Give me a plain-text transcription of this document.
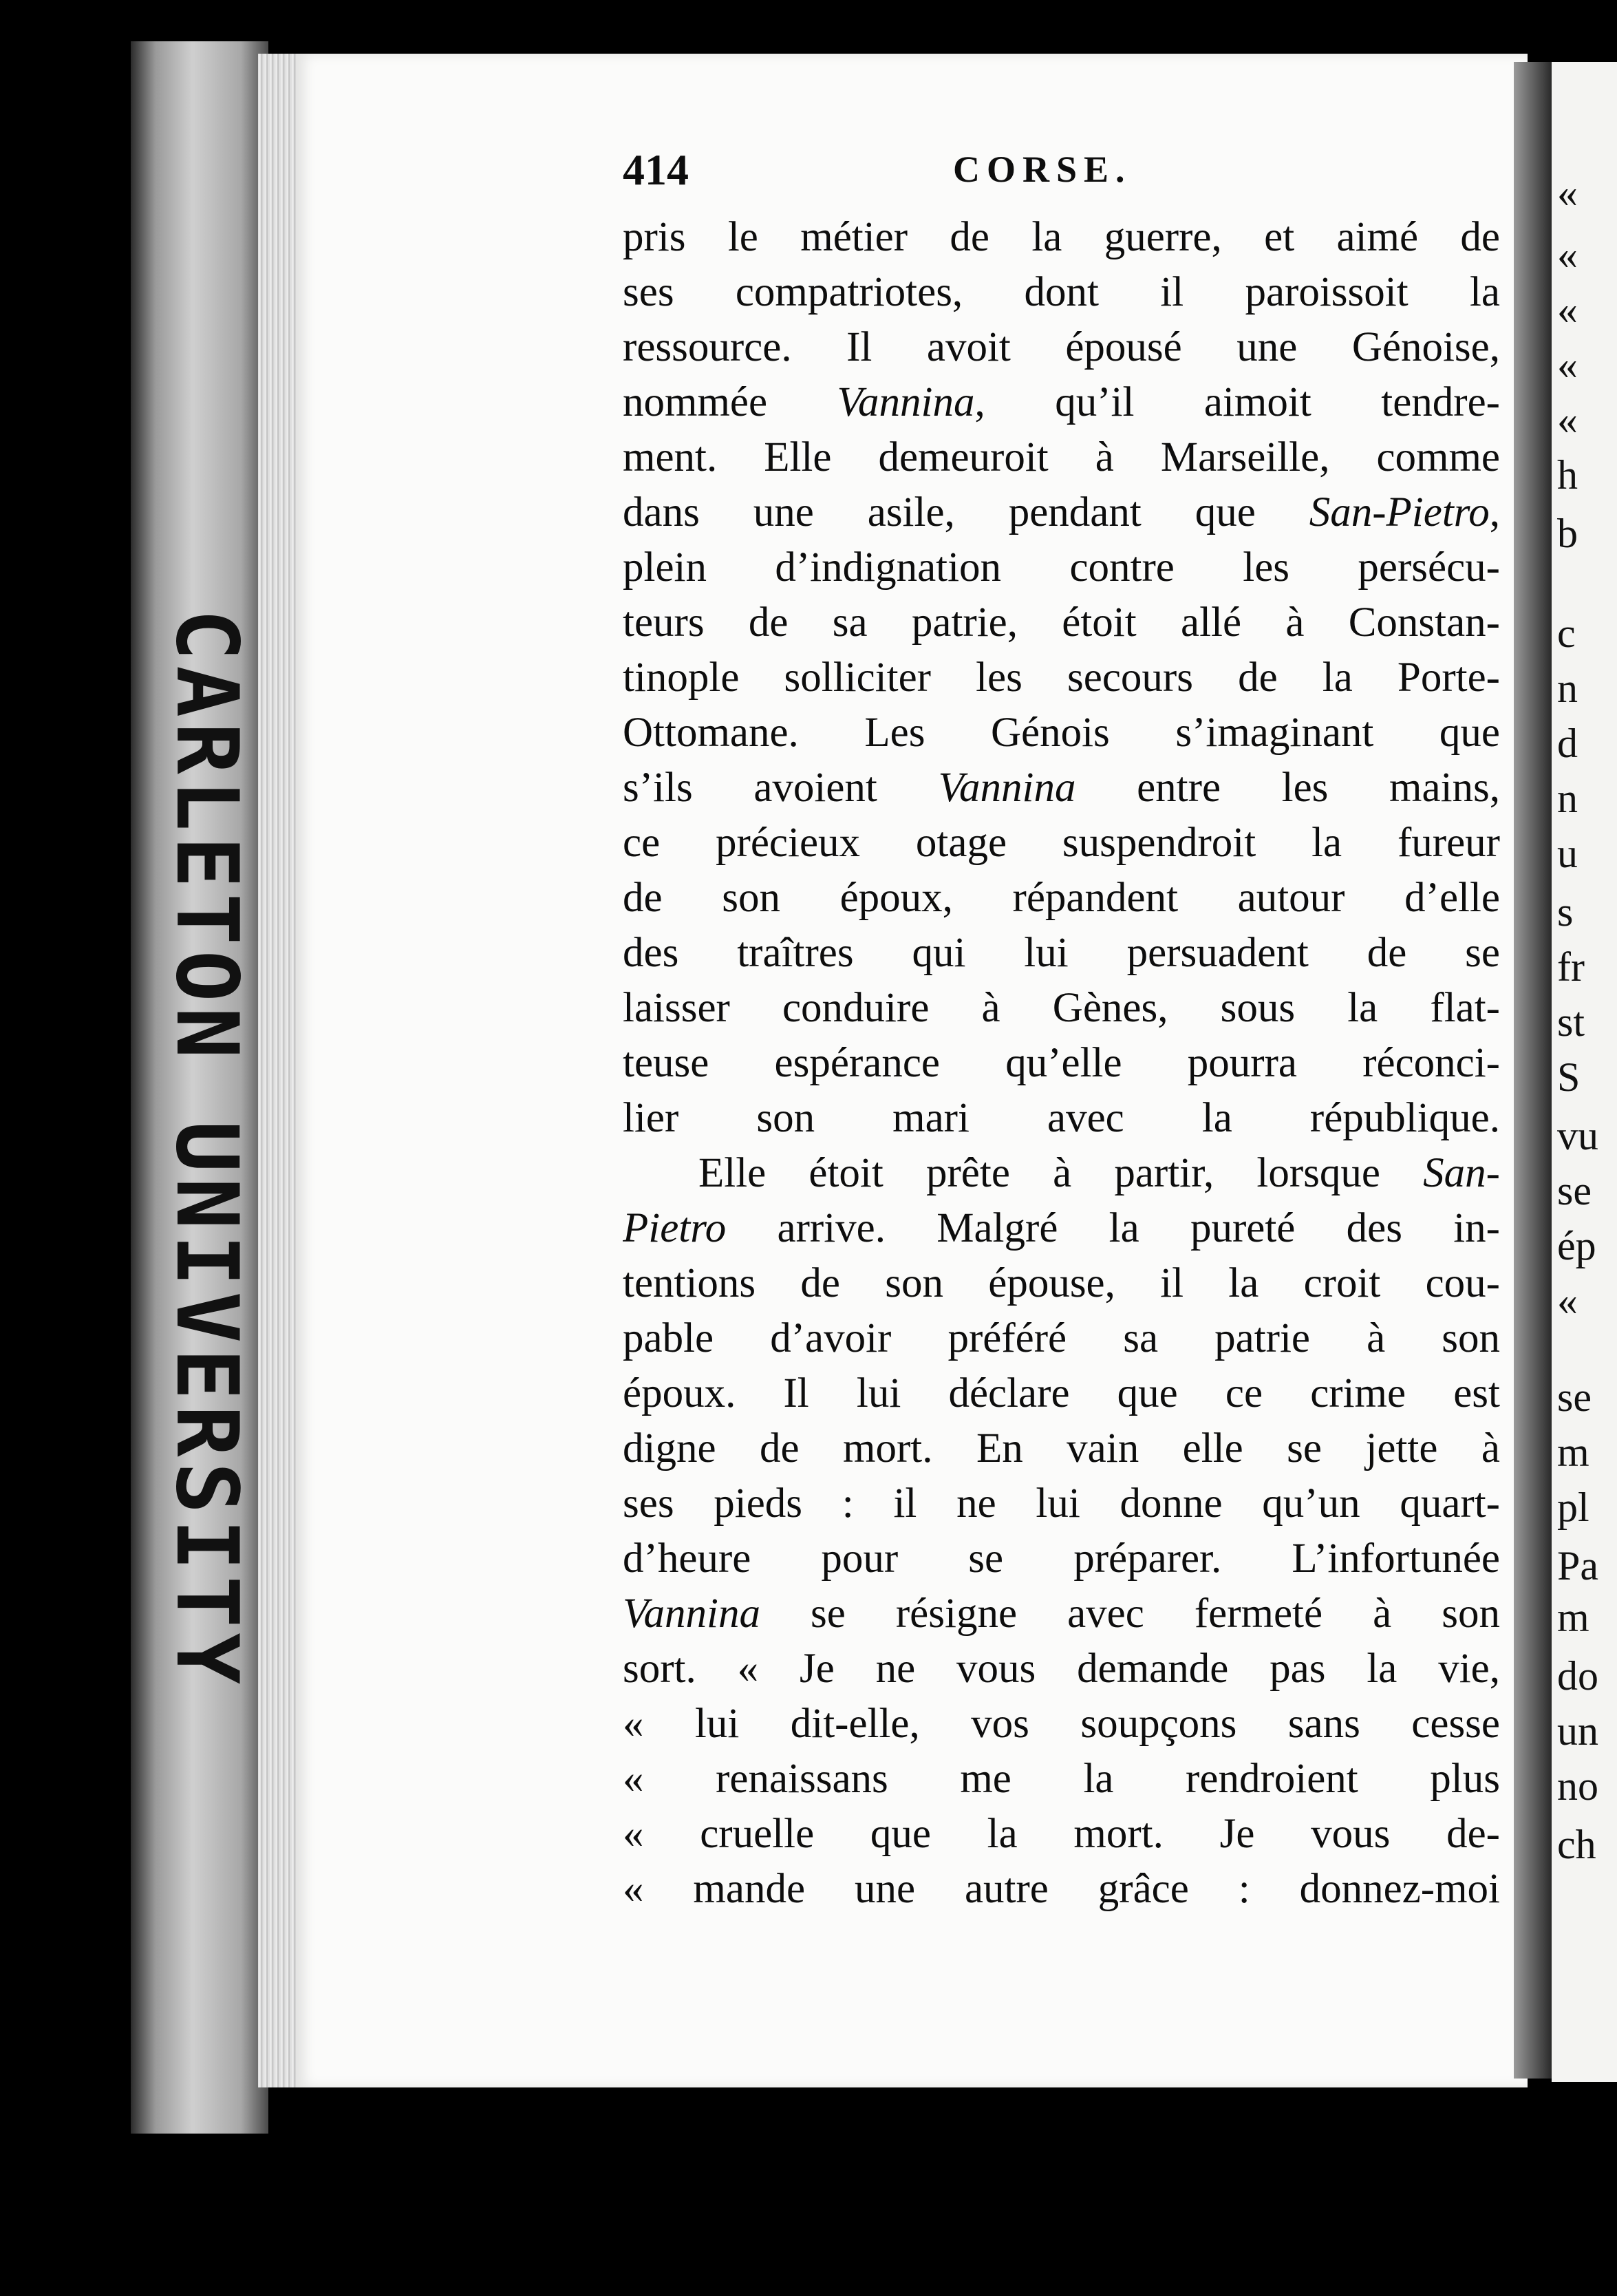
CARLETON UNIVERSITY
«
«
«
«
«
h
b
c
n
d
n
u
s
fr
st
S
vu
se
ép
«
se
m
pl
Pa
m
do
un
no
ch
414	CORSE.
pris le métier de la guerre, et aimé de
ses compatriotes, dont il paroissoit la
ressource. Il avoit épousé une Génoise,
nommée Vannina, qu’il aimoit tendre-
ment. Elle demeuroit à Marseille, comme
dans une asile, pendant que San-Pietro,
plein d’indignation contre les persécu-
teurs de sa patrie, étoit allé à Constan-
tinople solliciter les secours de la Porte-
Ottomane. Les Génois s’imaginant que
s’ils avoient Vannina entre les mains,
ce précieux otage suspendroit la fureur
de son époux, répandent autour d’elle
des traîtres qui lui persuadent de se
laisser conduire à Gènes, sous la flat-
teuse espérance qu’elle pourra réconci-
lier son mari avec la république.
Elle étoit prête à partir, lorsque San-
Pietro arrive. Malgré la pureté des in-
tentions de son épouse, il la croit cou-
pable d’avoir préféré sa patrie à son
époux. Il lui déclare que ce crime est
digne de mort. En vain elle se jette à
ses pieds : il ne lui donne qu’un quart-
d’heure pour se préparer. L’infortunée
Vannina se résigne avec fermeté à son
sort. « Je ne vous demande pas la vie,
« lui dit-elle, vos soupçons sans cesse
« renaissans me la rendroient plus
« cruelle que la mort. Je vous de-
« mande une autre grâce : donnez-moi
